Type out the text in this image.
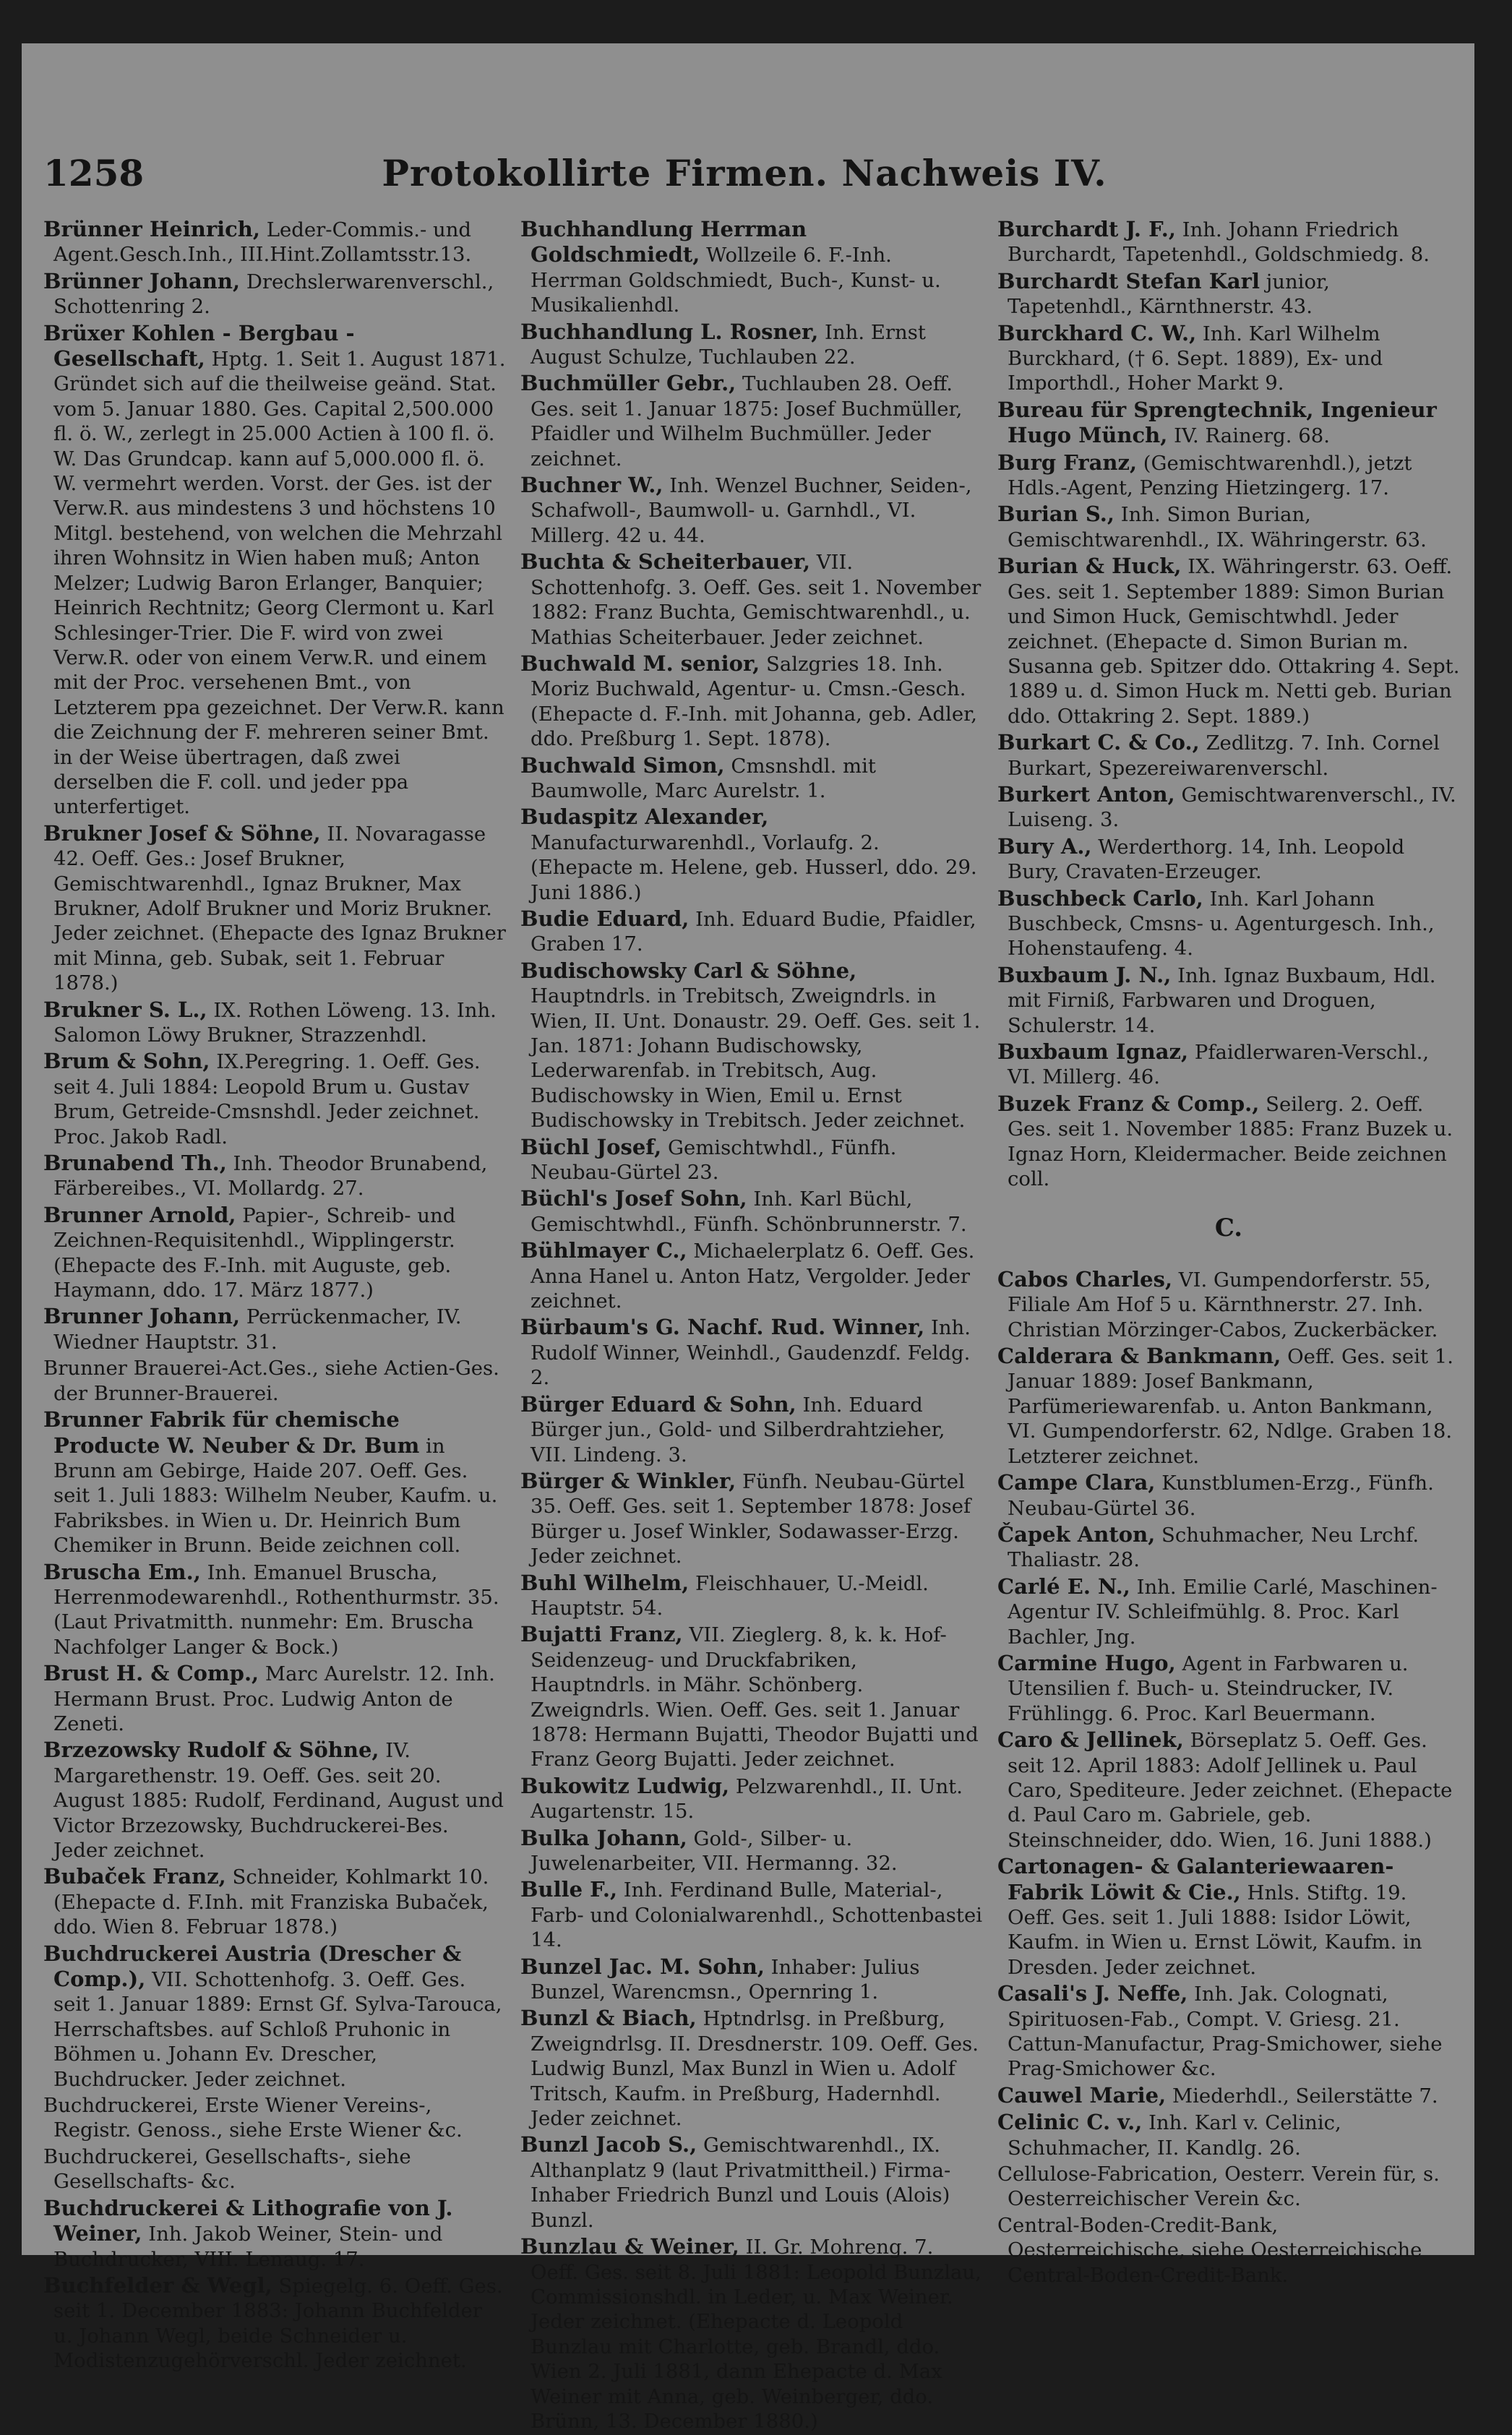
1258	Protokollirte Firmen. Nachweis IV.
Brünner Heinrich, Leder-Commis.- und Agent.Gesch.Inh., III.Hint.Zollamtsstr.13.
Brünner Johann, Drechslerwarenverschl., Schottenring 2.
Brüxer Kohlen - Bergbau - Gesellschaft, Hptg. 1. Seit 1. August 1871. Gründet sich auf die theilweise geänd. Stat. vom 5. Januar 1880. Ges. Capital 2,500.000 fl. ö. W., zerlegt in 25.000 Actien à 100 fl. ö. W. Das Grundcap. kann auf 5,000.000 fl. ö. W. vermehrt werden. Vorst. der Ges. ist der Verw.R. aus mindestens 3 und höchstens 10 Mitgl. bestehend, von welchen die Mehrzahl ihren Wohnsitz in Wien haben muß; Anton Melzer; Ludwig Baron Erlanger, Banquier; Heinrich Rechtnitz; Georg Clermont u. Karl Schlesinger-Trier. Die F. wird von zwei Verw.R. oder von einem Verw.R. und einem mit der Proc. versehenen Bmt., von Letzterem ppa gezeichnet. Der Verw.R. kann die Zeichnung der F. mehreren seiner Bmt. in der Weise übertragen, daß zwei derselben die F. coll. und jeder ppa unterfertiget.
Brukner Josef & Söhne, II. Novaragasse 42. Oeff. Ges.: Josef Brukner, Gemischtwarenhdl., Ignaz Brukner, Max Brukner, Adolf Brukner und Moriz Brukner. Jeder zeichnet. (Ehepacte des Ignaz Brukner mit Minna, geb. Subak, seit 1. Februar 1878.)
Brukner S. L., IX. Rothen Löweng. 13. Inh. Salomon Löwy Brukner, Strazzenhdl.
Brum & Sohn, IX.Peregring. 1. Oeff. Ges. seit 4. Juli 1884: Leopold Brum u. Gustav Brum, Getreide-Cmsnshdl. Jeder zeichnet. Proc. Jakob Radl.
Brunabend Th., Inh. Theodor Brunabend, Färbereibes., VI. Mollardg. 27.
Brunner Arnold, Papier-, Schreib- und Zeichnen-Requisitenhdl., Wipplingerstr. (Ehepacte des F.-Inh. mit Auguste, geb. Haymann, ddo. 17. März 1877.)
Brunner Johann, Perrückenmacher, IV. Wiedner Hauptstr. 31.
Brunner Brauerei-Act.Ges., siehe Actien-Ges. der Brunner-Brauerei.
Brunner Fabrik für chemische Producte W. Neuber & Dr. Bum in Brunn am Gebirge, Haide 207. Oeff. Ges. seit 1. Juli 1883: Wilhelm Neuber, Kaufm. u. Fabriksbes. in Wien u. Dr. Heinrich Bum Chemiker in Brunn. Beide zeichnen coll.
Bruscha Em., Inh. Emanuel Bruscha, Herrenmodewarenhdl., Rothenthurmstr. 35. (Laut Privatmitth. nunmehr: Em. Bruscha Nachfolger Langer & Bock.)
Brust H. & Comp., Marc Aurelstr. 12. Inh. Hermann Brust. Proc. Ludwig Anton de Zeneti.
Brzezowsky Rudolf & Söhne, IV. Margarethenstr. 19. Oeff. Ges. seit 20. August 1885: Rudolf, Ferdinand, August und Victor Brzezowsky, Buchdruckerei-Bes. Jeder zeichnet.
Bubaček Franz, Schneider, Kohlmarkt 10. (Ehepacte d. F.Inh. mit Franziska Bubaček, ddo. Wien 8. Februar 1878.)
Buchdruckerei Austria (Drescher & Comp.), VII. Schottenhofg. 3. Oeff. Ges. seit 1. Januar 1889: Ernst Gf. Sylva-Tarouca, Herrschaftsbes. auf Schloß Pruhonic in Böhmen u. Johann Ev. Drescher, Buchdrucker. Jeder zeichnet.
Buchdruckerei, Erste Wiener Vereins-, Registr. Genoss., siehe Erste Wiener &c.
Buchdruckerei, Gesellschafts-, siehe Gesellschafts- &c.
Buchdruckerei & Lithografie von J. Weiner, Inh. Jakob Weiner, Stein- und Buchdrucker, VIII. Lenaug. 17.
Buchfelder & Wegl, Spiegelg. 6. Oeff. Ges. seit 1. December 1883: Johann Buchfelder u. Johann Wegl, beide Schneider u. Modistenzugehörverschl. Jeder zeichnet.
Buchhandlung Herrman Goldschmiedt, Wollzeile 6. F.-Inh. Herrman Goldschmiedt, Buch-, Kunst- u. Musikalienhdl.
Buchhandlung L. Rosner, Inh. Ernst August Schulze, Tuchlauben 22.
Buchmüller Gebr., Tuchlauben 28. Oeff. Ges. seit 1. Januar 1875: Josef Buchmüller, Pfaidler und Wilhelm Buchmüller. Jeder zeichnet.
Buchner W., Inh. Wenzel Buchner, Seiden-, Schafwoll-, Baumwoll- u. Garnhdl., VI. Millerg. 42 u. 44.
Buchta & Scheiterbauer, VII. Schottenhofg. 3. Oeff. Ges. seit 1. November 1882: Franz Buchta, Gemischtwarenhdl., u. Mathias Scheiterbauer. Jeder zeichnet.
Buchwald M. senior, Salzgries 18. Inh. Moriz Buchwald, Agentur- u. Cmsn.-Gesch. (Ehepacte d. F.-Inh. mit Johanna, geb. Adler, ddo. Preßburg 1. Sept. 1878).
Buchwald Simon, Cmsnshdl. mit Baumwolle, Marc Aurelstr. 1.
Budaspitz Alexander, Manufacturwarenhdl., Vorlaufg. 2. (Ehepacte m. Helene, geb. Husserl, ddo. 29. Juni 1886.)
Budie Eduard, Inh. Eduard Budie, Pfaidler, Graben 17.
Budischowsky Carl & Söhne, Hauptndrls. in Trebitsch, Zweigndrls. in Wien, II. Unt. Donaustr. 29. Oeff. Ges. seit 1. Jan. 1871: Johann Budischowsky, Lederwarenfab. in Trebitsch, Aug. Budischowsky in Wien, Emil u. Ernst Budischowsky in Trebitsch. Jeder zeichnet.
Büchl Josef, Gemischtwhdl., Fünfh. Neubau-Gürtel 23.
Büchl's Josef Sohn, Inh. Karl Büchl, Gemischtwhdl., Fünfh. Schönbrunnerstr. 7.
Bühlmayer C., Michaelerplatz 6. Oeff. Ges. Anna Hanel u. Anton Hatz, Vergolder. Jeder zeichnet.
Bürbaum's G. Nachf. Rud. Winner, Inh. Rudolf Winner, Weinhdl., Gaudenzdf. Feldg. 2.
Bürger Eduard & Sohn, Inh. Eduard Bürger jun., Gold- und Silberdrahtzieher, VII. Lindeng. 3.
Bürger & Winkler, Fünfh. Neubau-Gürtel 35. Oeff. Ges. seit 1. September 1878: Josef Bürger u. Josef Winkler, Sodawasser-Erzg. Jeder zeichnet.
Buhl Wilhelm, Fleischhauer, U.-Meidl. Hauptstr. 54.
Bujatti Franz, VII. Zieglerg. 8, k. k. Hof-Seidenzeug- und Druckfabriken, Hauptndrls. in Mähr. Schönberg. Zweigndrls. Wien. Oeff. Ges. seit 1. Januar 1878: Hermann Bujatti, Theodor Bujatti und Franz Georg Bujatti. Jeder zeichnet.
Bukowitz Ludwig, Pelzwarenhdl., II. Unt. Augartenstr. 15.
Bulka Johann, Gold-, Silber- u. Juwelenarbeiter, VII. Hermanng. 32.
Bulle F., Inh. Ferdinand Bulle, Material-, Farb- und Colonialwarenhdl., Schottenbastei 14.
Bunzel Jac. M. Sohn, Inhaber: Julius Bunzel, Warencmsn., Opernring 1.
Bunzl & Biach, Hptndrlsg. in Preßburg, Zweigndrlsg. II. Dresdnerstr. 109. Oeff. Ges. Ludwig Bunzl, Max Bunzl in Wien u. Adolf Tritsch, Kaufm. in Preßburg, Hadernhdl. Jeder zeichnet.
Bunzl Jacob S., Gemischtwarenhdl., IX. Althanplatz 9 (laut Privatmittheil.) Firma-Inhaber Friedrich Bunzl und Louis (Alois) Bunzl.
Bunzlau & Weiner, II. Gr. Mohreng. 7. Oeff. Ges. seit 8. Juli 1881: Leopold Bunzlau, Commissionshdl. in Leder, u. Max Weiner. Jeder zeichnet. (Ehepacte d. Leopold Bunzlau mit Charlotte, geb. Brandl, ddo. Wien 2. Juli 1881, dann Ehepacte d. Max Weiner mit Anna, geb. Weinberger, ddo. Brünn, 13. December 1880.)
Burchardt J. F., Inh. Johann Friedrich Burchardt, Tapetenhdl., Goldschmiedg. 8.
Burchardt Stefan Karl junior, Tapetenhdl., Kärnthnerstr. 43.
Burckhard C. W., Inh. Karl Wilhelm Burckhard, († 6. Sept. 1889), Ex- und Importhdl., Hoher Markt 9.
Bureau für Sprengtechnik, Ingenieur Hugo Münch, IV. Rainerg. 68.
Burg Franz, (Gemischtwarenhdl.), jetzt Hdls.-Agent, Penzing Hietzingerg. 17.
Burian S., Inh. Simon Burian, Gemischtwarenhdl., IX. Währingerstr. 63.
Burian & Huck, IX. Währingerstr. 63. Oeff. Ges. seit 1. September 1889: Simon Burian und Simon Huck, Gemischtwhdl. Jeder zeichnet. (Ehepacte d. Simon Burian m. Susanna geb. Spitzer ddo. Ottakring 4. Sept. 1889 u. d. Simon Huck m. Netti geb. Burian ddo. Ottakring 2. Sept. 1889.)
Burkart C. & Co., Zedlitzg. 7. Inh. Cornel Burkart, Spezereiwarenverschl.
Burkert Anton, Gemischtwarenverschl., IV. Luiseng. 3.
Bury A., Werderthorg. 14, Inh. Leopold Bury, Cravaten-Erzeuger.
Buschbeck Carlo, Inh. Karl Johann Buschbeck, Cmsns- u. Agenturgesch. Inh., Hohenstaufeng. 4.
Buxbaum J. N., Inh. Ignaz Buxbaum, Hdl. mit Firniß, Farbwaren und Droguen, Schulerstr. 14.
Buxbaum Ignaz, Pfaidlerwaren-Verschl., VI. Millerg. 46.
Buzek Franz & Comp., Seilerg. 2. Oeff. Ges. seit 1. November 1885: Franz Buzek u. Ignaz Horn, Kleidermacher. Beide zeichnen coll.
C.
Cabos Charles, VI. Gumpendorferstr. 55, Filiale Am Hof 5 u. Kärnthnerstr. 27. Inh. Christian Mörzinger-Cabos, Zuckerbäcker.
Calderara & Bankmann, Oeff. Ges. seit 1. Januar 1889: Josef Bankmann, Parfümeriewarenfab. u. Anton Bankmann, VI. Gumpendorferstr. 62, Ndlge. Graben 18. Letzterer zeichnet.
Campe Clara, Kunstblumen-Erzg., Fünfh. Neubau-Gürtel 36.
Čapek Anton, Schuhmacher, Neu Lrchf. Thaliastr. 28.
Carlé E. N., Inh. Emilie Carlé, Maschinen-Agentur IV. Schleifmühlg. 8. Proc. Karl Bachler, Jng.
Carmine Hugo, Agent in Farbwaren u. Utensilien f. Buch- u. Steindrucker, IV. Frühlingg. 6. Proc. Karl Beuermann.
Caro & Jellinek, Börseplatz 5. Oeff. Ges. seit 12. April 1883: Adolf Jellinek u. Paul Caro, Spediteure. Jeder zeichnet. (Ehepacte d. Paul Caro m. Gabriele, geb. Steinschneider, ddo. Wien, 16. Juni 1888.)
Cartonagen- & Galanteriewaaren-Fabrik Löwit & Cie., Hnls. Stiftg. 19. Oeff. Ges. seit 1. Juli 1888: Isidor Löwit, Kaufm. in Wien u. Ernst Löwit, Kaufm. in Dresden. Jeder zeichnet.
Casali's J. Neffe, Inh. Jak. Colognati, Spirituosen-Fab., Compt. V. Griesg. 21. Cattun-Manufactur, Prag-Smichower, siehe Prag-Smichower &c.
Cauwel Marie, Miederhdl., Seilerstätte 7.
Celinic C. v., Inh. Karl v. Celinic, Schuhmacher, II. Kandlg. 26.
Cellulose-Fabrication, Oesterr. Verein für, s. Oesterreichischer Verein &c.
Central-Boden-Credit-Bank, Oesterreichische, siehe Oesterreichische Central-Boden-Credit-Bank.
